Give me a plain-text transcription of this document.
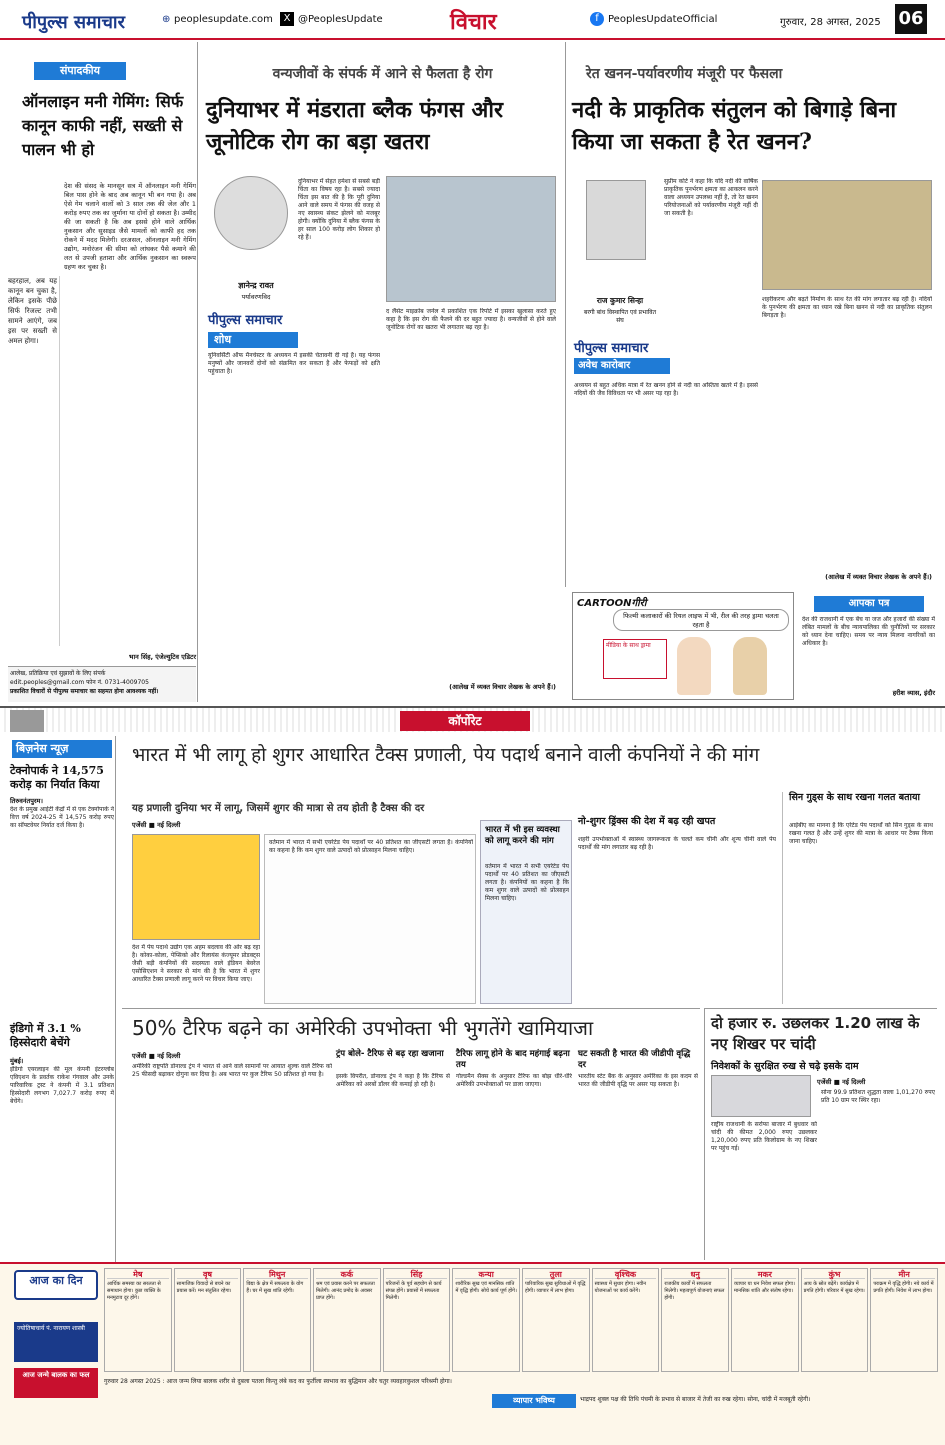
पीपुल्स समाचार	⊕ peoplesupdate.com	X @PeoplesUpdate	विचार	f PeoplesUpdateOfficial	गुरुवार, 28 अगस्त, 2025 06
संपादकीय
ऑनलाइन मनी गेमिंग: सिर्फ कानून काफी नहीं, सख्ती से पालन भी हो
बहरहाल, अब यह कानून बन चुका है, लेकिन इसके पीछे सिर्फ रिजल्ट तभी सामने आएंगे, जब इस पर सख्ती से अमल होगा।
देश की संसद के मानसून सत्र में ऑनलाइन मनी गेमिंग बिल पास होने के बाद अब कानून भी बन गया है। अब ऐसे गेम चलाने वालों को 3 साल तक की जेल और 1 करोड़ रुपए तक का जुर्माना या दोनों हो सकता है। उम्मीद की जा सकती है कि अब इससे होने वाले आर्थिक नुकसान और सुसाइड जैसे मामलों को काफी हद तक रोकने में मदद मिलेगी। दरअसल, ऑनलाइन मनी गेमिंग उद्योग, मनोरंजन की सीमा को लांघकर पैसे कमाने की लत से उपजी हताशा और आर्थिक नुकसान का स्वरूप ग्रहण कर चुका है।
भान सिंह, एंजेल्युटिव एडिटर
आलेख, प्रतिक्रिया एवं सुझावों के लिए संपर्क
edit.peoples@gmail.com फोन नं. 0731-4009705
प्रकाशित विचारों से पीपुल्स समाचार का सहमत होना आवश्यक नहीं।
वन्यजीवों के संपर्क में आने से फैलता है रोग
दुनियाभर में मंडराता ब्लैक फंगस और जूनोटिक रोग का बड़ा खतरा
ज्ञानेन्द्र रावत
पर्यावरणविद
पीपुल्स समाचार
शोध
दुनियाभर में सेहत हमेशा से सबसे बड़ी चिंता का विषय रहा है। सबसे ज्यादा चिंता इस बात की है कि पूरी दुनिया आने वाले समय में फंगस की वजह से नए स्वास्थ्य संकट झेलने को मजबूर होगी। क्योंकि दुनिया में ब्लैक फंगस के हर साल 100 करोड़ लोग शिकार हो रहे हैं।
यूनिवर्सिटी ऑफ मैनचेस्टर के अध्ययन में इसकी चेतावनी दी गई है। यह फंगस मनुष्यों और जानवरों दोनों को संक्रमित कर सकता है और फेफड़ों को क्षति पहुंचाता है।
द लैंसेट माइक्रोब जर्नल में प्रकाशित एक रिपोर्ट में इसका खुलासा करते हुए कहा है कि इस रोग की फैलने की दर बहुत ज्यादा है। वन्यजीवों से होने वाले जूनोटिक रोगों का खतरा भी लगातार बढ़ रहा है।
(आलेख में व्यक्त विचार लेखक के अपने हैं।)
रेत खनन-पर्यावरणीय मंजूरी पर फैसला
नदी के प्राकृतिक संतुलन को बिगाड़े बिना किया जा सकता है रेत खनन?
राज कुमार सिन्हा
बरगी बांध विस्थापित एवं प्रभावित संघ
पीपुल्स समाचार
अवेध कारोबार
सुप्रीम कोर्ट ने कहा कि यदि नदी की वार्षिक प्राकृतिक पुनर्भरण क्षमता का आकलन करने वाला अध्ययन उपलब्ध नहीं है, तो रेत खनन परियोजनाओं को पर्यावरणीय मंजूरी नहीं दी जा सकती है।
शहरीकरण और बढ़ते निर्माण के साथ रेत की मांग लगातार बढ़ रही है। नदियों के पुनर्भरण की क्षमता का ध्यान रखे बिना खनन से नदी का प्राकृतिक संतुलन बिगड़ता है।
अध्ययन से बहुत अधिक मात्रा में रेत खनन होने से नदी का अस्तित्व खतरे में है। इससे नदियों की जैव विविधता पर भी असर पड़ रहा है।
(आलेख में व्यक्त विचार लेखक के अपने हैं।)
CARTOONगीरी
फिल्मी कलाकारों की रियल लाइफ में भी, रील की तरह ड्रामा चलता रहता है
मीडिया के साथ ड्रामा
आपका पत्र
देश की राजधानी में एक बेंच या जज और हजारों की संख्या में लंबित मामलों के बीच न्यायपालिका की चुनौतियों पर सरकार को ध्यान देना चाहिए। समय पर न्याय मिलना नागरिकों का अधिकार है।
हरीश व्यास, इंदौर
कॉर्पोरेट
बिज़नेस न्यूज़
टेक्नोपार्क ने 14,575 करोड़ का निर्यात किया
तिरुवनंतपुरम।
देश के प्रमुख आईटी केंद्रों में से एक टेक्नोपार्क ने वित्त वर्ष 2024-25 में 14,575 करोड़ रुपए का सॉफ्टवेयर निर्यात दर्ज किया है।
इंडिगो में 3.1 % हिस्सेदारी बेचेंगे
मुंबई।
इंडिगो एयरलाइन की मूल कंपनी इंटरग्लोब एविएशन के प्रवर्तक राकेश गंगवाल और उनके पारिवारिक ट्रस्ट ने कंपनी में 3.1 प्रतिशत हिस्सेदारी लगभग 7,027.7 करोड़ रुपए में बेचेंगे।
भारत में भी लागू हो शुगर आधारित टैक्स प्रणाली, पेय पदार्थ बनाने वाली कंपनियों ने की मांग
यह प्रणाली दुनिया भर में लागू, जिसमें शुगर की मात्रा से तय होती है टैक्स की दर
एजेंसी ■ नई दिल्ली
देश में पेय पदार्थ उद्योग एक अहम बदलाव की ओर बढ़ रहा है। कोका-कोला, पेप्सिको और रिलायंस कंज्यूमर प्रोडक्ट्स जैसी बड़ी कंपनियों की सदस्यता वाले इंडियन बेवरेज एसोसिएशन ने सरकार से मांग की है कि भारत में शुगर आधारित टैक्स प्रणाली लागू करने पर विचार किया जाए।
वर्तमान में भारत में सभी एयरेटेड पेय पदार्थों पर 40 प्रतिशत का जीएसटी लगता है। कंपनियों का कहना है कि कम शुगर वाले उत्पादों को प्रोत्साहन मिलना चाहिए।
भारत में भी इस व्यवस्था को लागू करने की मांग
वर्तमान में भारत में सभी एयरेटेड पेय पदार्थों पर 40 प्रतिशत का जीएसटी लगता है। कंपनियों का कहना है कि कम शुगर वाले उत्पादों को प्रोत्साहन मिलना चाहिए।
नो-शुगर ड्रिंक्स की देश में बढ़ रही खपत
शहरी उपभोक्ताओं में स्वास्थ्य जागरूकता के चलते कम चीनी और शून्य चीनी वाले पेय पदार्थों की मांग लगातार बढ़ रही है।
सिन गुड्स के साथ रखना गलत बताया
आईबीए का मानना है कि एरेटेड पेय पदार्थों को सिन गुड्स के साथ रखना गलत है और उन्हें शुगर की मात्रा के आधार पर टैक्स किया जाना चाहिए।
50% टैरिफ बढ़ने का अमेरिकी उपभोक्ता भी भुगतेंगे खामियाजा
एजेंसी ■ नई दिल्ली
अमेरिकी राष्ट्रपति डोनाल्ड ट्रंप ने भारत से आने वाले सामानों पर आयात शुल्क वाले टैरिफ को 25 फीसदी बढ़ाकर दोगुना कर दिया है। अब भारत पर कुल टैरिफ 50 प्रतिशत हो गया है।
ट्रंप बोले- टैरिफ से बढ़ रहा खजाना
इसके विपरीत, डोनाल्ड ट्रंप ने कहा है कि टैरिफ से अमेरिका को अरबों डॉलर की कमाई हो रही है।
टैरिफ लागू होने के बाद महंगाई बढ़ना तय
गोल्डमैन सैक्स के अनुसार टैरिफ का बोझ धीरे-धीरे अमेरिकी उपभोक्ताओं पर डाला जाएगा।
घट सकती है भारत की जीडीपी वृद्धि दर
भारतीय स्टेट बैंक के अनुसार अमेरिका के इस कदम से भारत की जीडीपी वृद्धि पर असर पड़ सकता है।
दो हजार रु. उछलकर 1.20 लाख के नए शिखर पर चांदी
निवेशकों के सुरक्षित रुख से चढ़े इसके दाम
एजेंसी ■ नई दिल्ली
राष्ट्रीय राजधानी के सर्राफा बाजार में बुधवार को चांदी की कीमत 2,000 रुपए उछलकर 1,20,000 रुपए प्रति किलोग्राम के नए शिखर पर पहुंच गई।
सोना 99.9 प्रतिशत शुद्धता वाला 1,01,270 रुपए प्रति 10 ग्राम पर स्थिर रहा।
आज का दिन
ज्योतिषाचार्य पं. नारायण शास्त्री
आज जन्मे बालक का फल
मेष
आर्थिक समस्या का सरलता से समाधान होगा। कुछ व्यक्ति के मनमुटाव दूर होंगे।
वृष
सामाजिक विवादों से बचने का प्रयास करें। मन संतुलित रहेगा।
मिथुन
विद्या के क्षेत्र में सफलता के योग हैं। घर में सुख शांति रहेगी।
कर्क
श्रम एवं प्रयास करने पर सफलता मिलेगी। आनंद प्रमोद के अवसर प्राप्त होंगे।
सिंह
परिजनों के पूर्व सहयोग से कार्य संपन्न होंगे। प्रयासों में सफलता मिलेगी।
कन्या
शारीरिक सुख एवं मानसिक शांति में वृद्धि होगी। सोचे कार्य पूर्ण होंगे।
तुला
पारिवारिक सुख सुविधाओं में वृद्धि होगी। व्यापार में लाभ होगा।
वृश्चिक
स्वास्थ्य में सुधार होगा। नवीन योजनाओं पर कार्य करेंगे।
धनु
राजकीय कार्यों में सफलता मिलेगी। महत्वपूर्ण योजनाएं सफल होंगी।
मकर
व्यापार या धन निवेश सफल होगा। मानसिक शांति और संतोष रहेगा।
कुंभ
आय के स्रोत बढ़ेंगे। कार्यक्षेत्र में प्रगति होगी। परिवार में सुख रहेगा।
मीन
पराक्रम में वृद्धि होगी। नये कार्य में प्रगति होगी। निवेश में लाभ होगा।
गुरुवार 28 अगस्त 2025 : आज जन्म लिया बालक शरीर से दुबला पतला किन्तु लंबे कद का फुर्तीला स्वभाव का बुद्धिमान और चतुर व्यवहारकुशल परिश्रमी होगा।
व्यापार भविष्य	भाद्रपद शुक्ल पक्ष की तिथि पंचमी के प्रभाव से बाजार में तेजी का रुख रहेगा। सोना, चांदी में मजबूती रहेगी।
